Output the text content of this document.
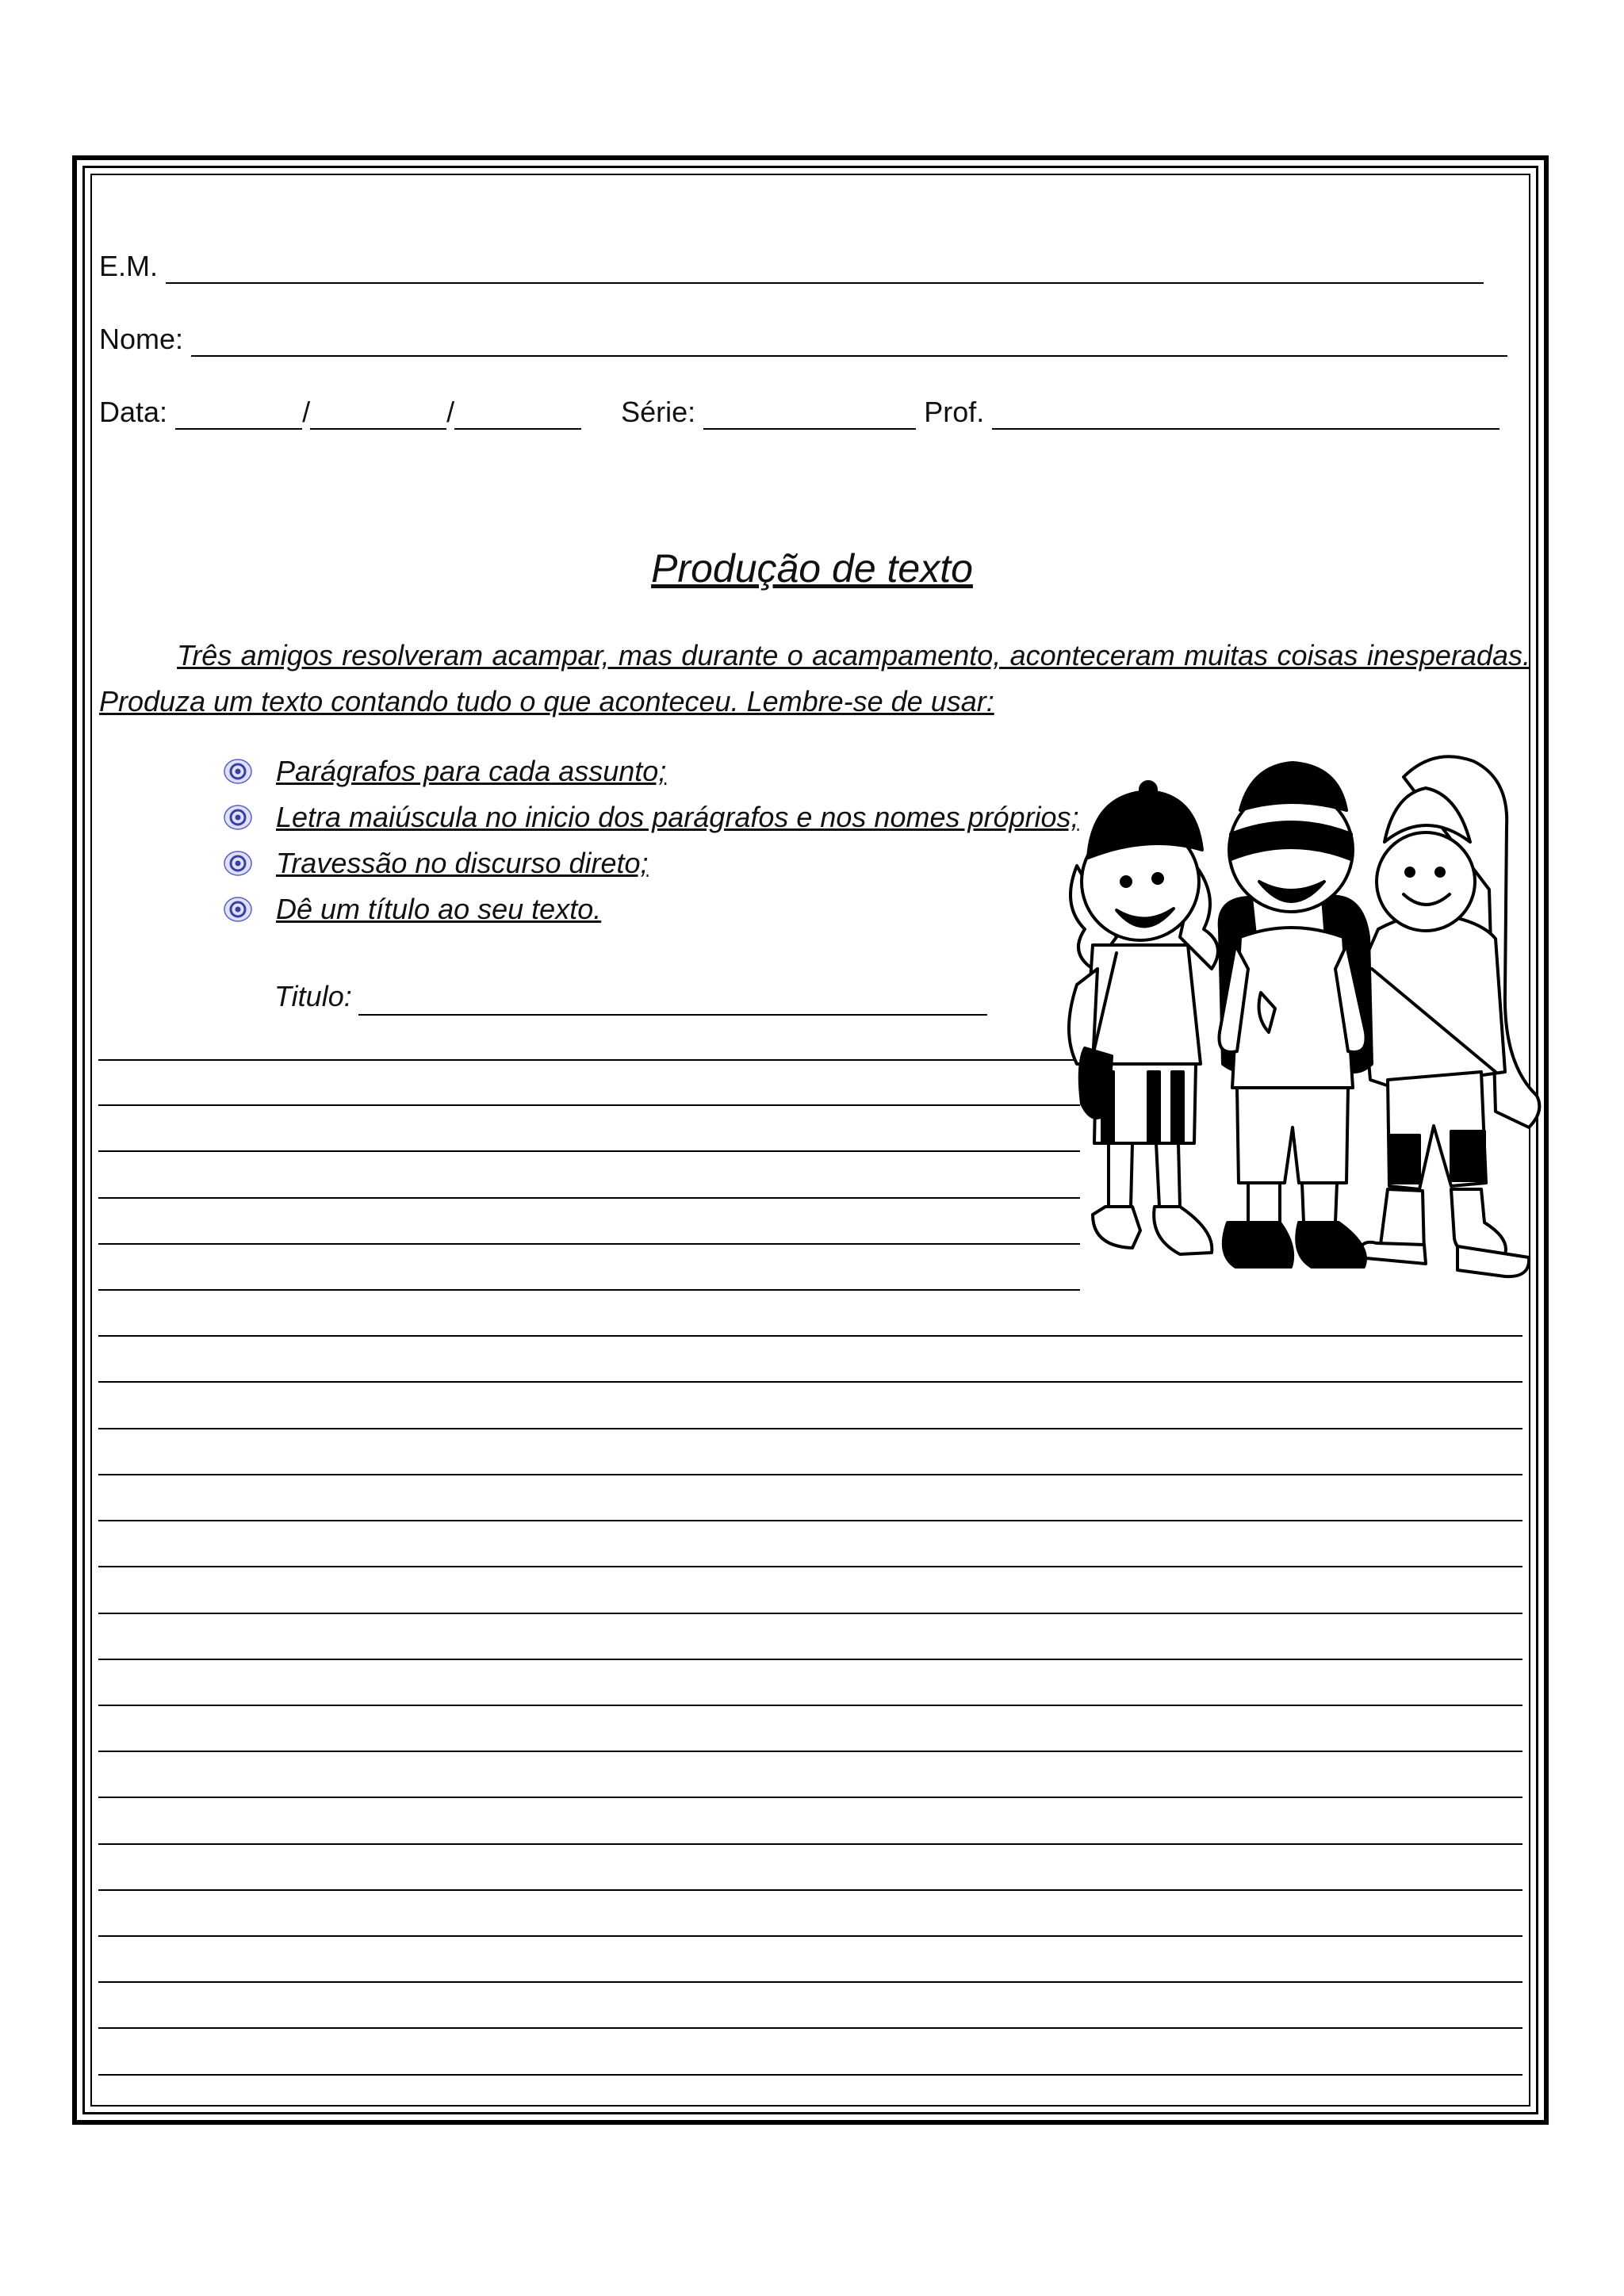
E.M.
Nome:
Data:	/	/	Série:	Prof.
Produção de texto
Três amigos resolveram acampar, mas durante o acampamento, aconteceram muitas coisas inesperadas. Produza um texto contando tudo o que aconteceu. Lembre-se de usar:
Parágrafos para cada assunto;
Letra maiúscula no inicio dos parágrafos e nos nomes próprios;
Travessão no discurso direto;
Dê um título ao seu texto.
Titulo:
